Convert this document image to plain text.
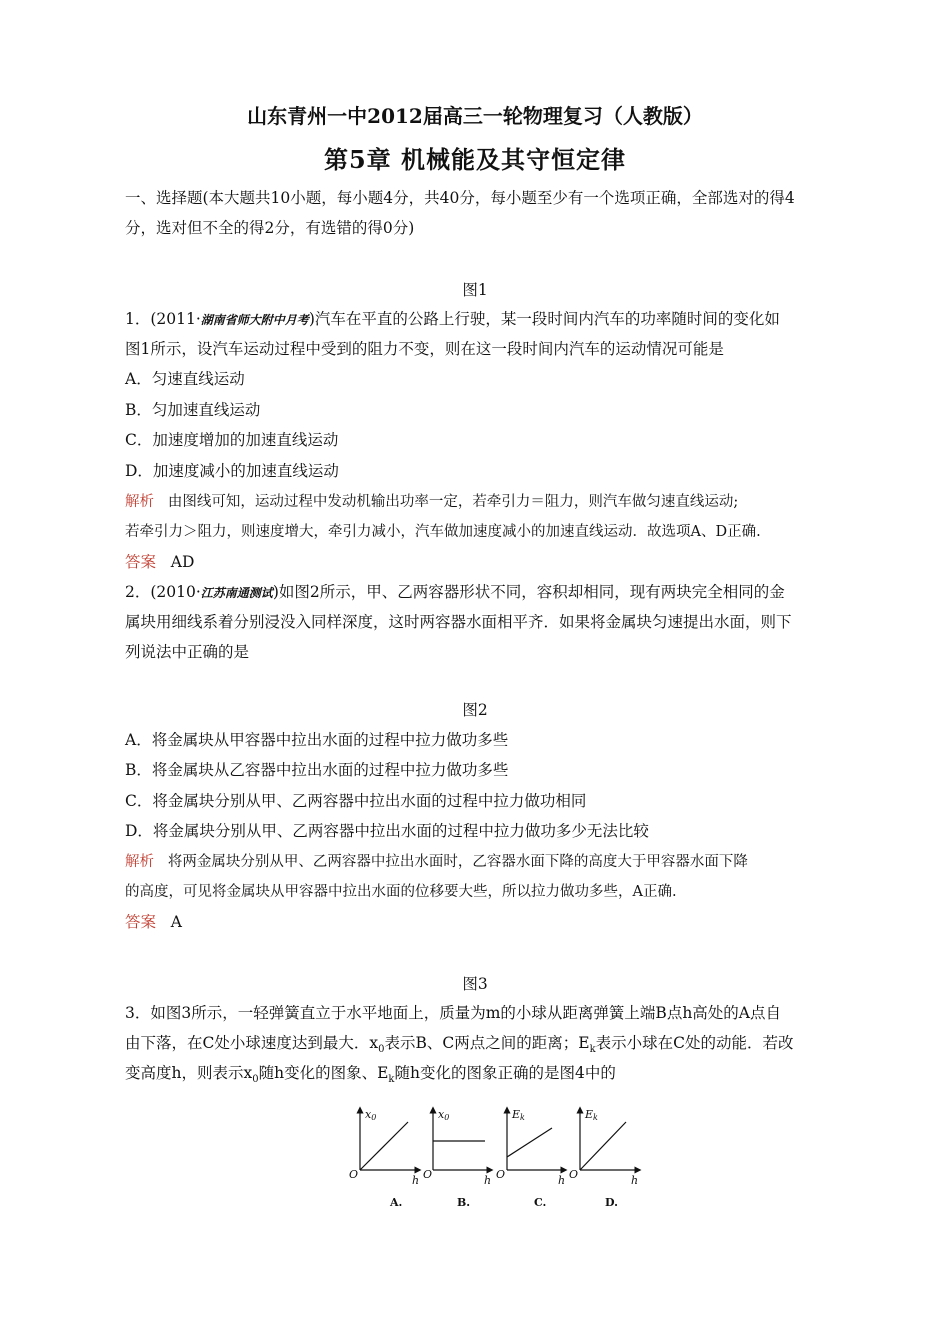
山东青州一中2012届高三一轮物理复习（人教版）
第5章 机械能及其守恒定律
一、选择题(本大题共10小题，每小题4分，共40分，每小题至少有一个选项正确，全部选对的得4
分，选对但不全的得2分，有选错的得0分)
图1
1．(2011·湖南省师大附中月考)汽车在平直的公路上行驶，某一段时间内汽车的功率随时间的变化如
图1所示，设汽车运动过程中受到的阻力不变，则在这一段时间内汽车的运动情况可能是
A．匀速直线运动
B．匀加速直线运动
C．加速度增加的加速直线运动
D．加速度减小的加速直线运动
解析 由图线可知，运动过程中发动机输出功率一定，若牵引力＝阻力，则汽车做匀速直线运动;
若牵引力＞阻力，则速度增大，牵引力减小，汽车做加速度减小的加速直线运动．故选项A、D正确.
答案 AD
2．(2010·江苏南通测试)如图2所示，甲、乙两容器形状不同，容积却相同，现有两块完全相同的金
属块用细线系着分别浸没入同样深度，这时两容器水面相平齐．如果将金属块匀速提出水面，则下
列说法中正确的是
图2
A．将金属块从甲容器中拉出水面的过程中拉力做功多些
B．将金属块从乙容器中拉出水面的过程中拉力做功多些
C．将金属块分别从甲、乙两容器中拉出水面的过程中拉力做功相同
D．将金属块分别从甲、乙两容器中拉出水面的过程中拉力做功多少无法比较
解析 将两金属块分别从甲、乙两容器中拉出水面时，乙容器水面下降的高度大于甲容器水面下降
的高度，可见将金属块从甲容器中拉出水面的位移要大些，所以拉力做功多些，A正确.
答案 A
图3
3．如图3所示，一轻弹簧直立于水平地面上，质量为m的小球从距离弹簧上端B点h高处的A点自
由下落，在C处小球速度达到最大．$x_0$表示B、C两点之间的距离；$E_k$表示小球在C处的动能．若改
变高度h，则表示$x_0$随h变化的图象、$E_k$随h变化的图象正确的是图4中的
x0
O	h
A.
x0
O	h
B.
Ek
O	h
C.
Ek
O	h
D.
